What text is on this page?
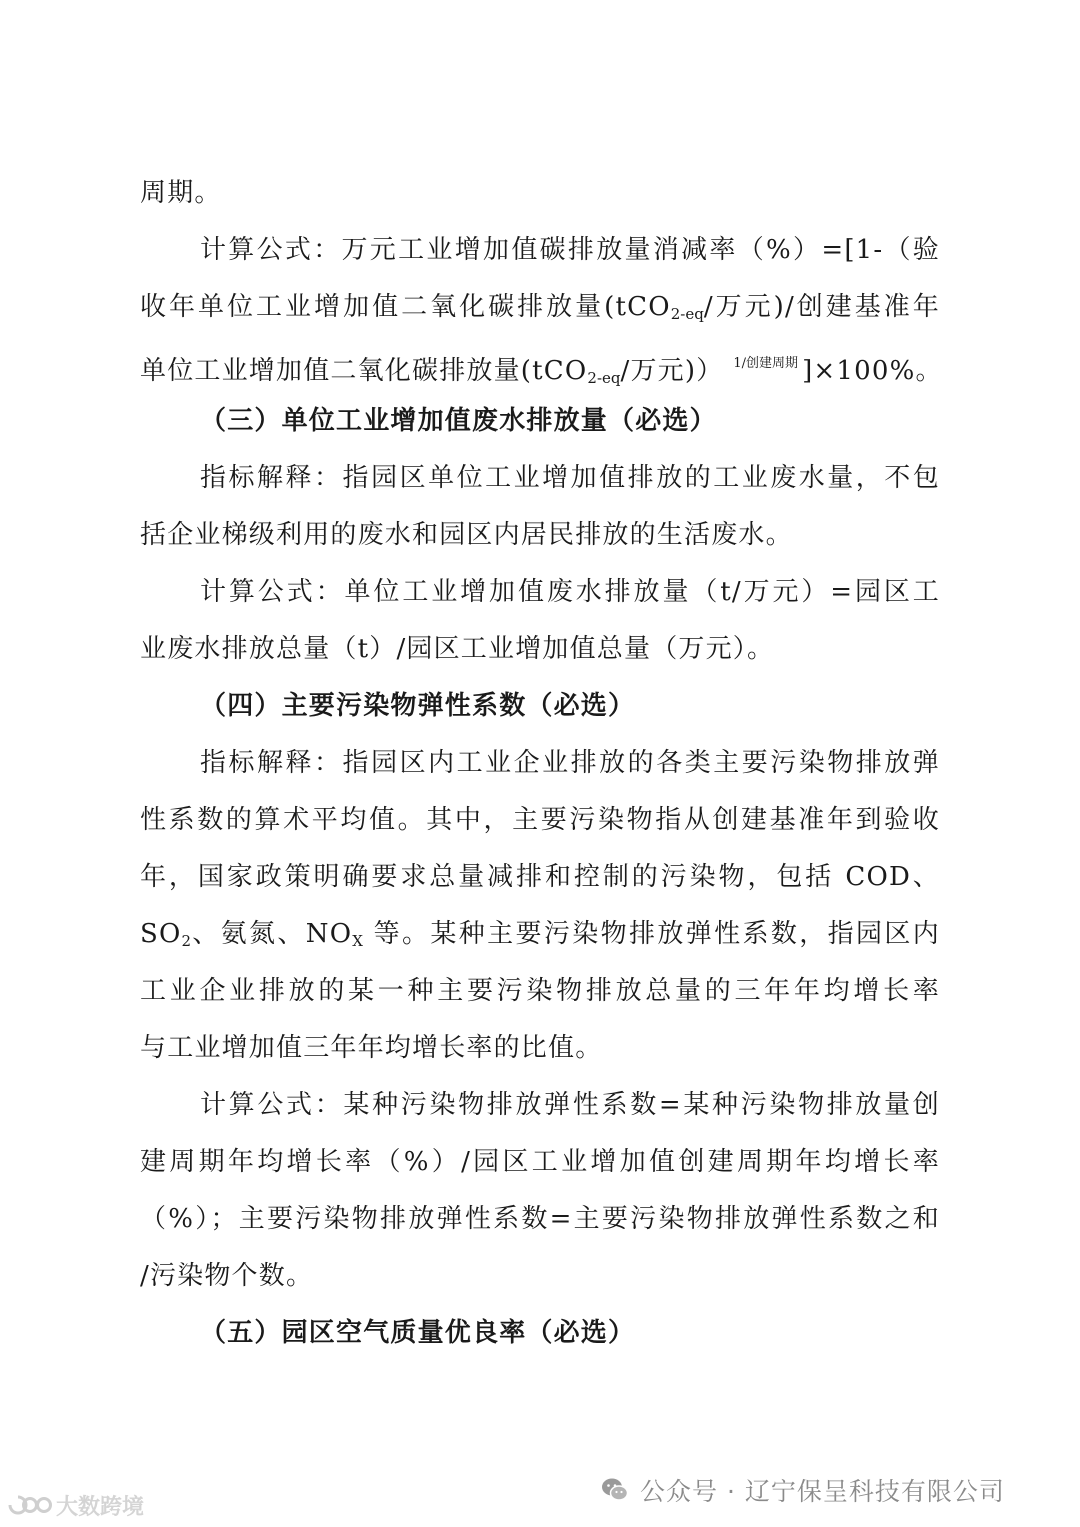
周期。
计算公式：万元工业增加值碳排放量消减率（%）=[1-（验
收年单位工业增加值二氧化碳排放量(tCO$_{2-eq}$/万元)/创建基准年
单位工业增加值二氧化碳排放量(tCO$_{2-eq}$/万元)） $^{1/创建周期}$ ]×100%。
（三）单位工业增加值废水排放量（必选）
指标解释：指园区单位工业增加值排放的工业废水量，不包
括企业梯级利用的废水和园区内居民排放的生活废水。
计算公式：单位工业增加值废水排放量（t/万元）=园区工
业废水排放总量（t）/园区工业增加值总量（万元）。
（四）主要污染物弹性系数（必选）
指标解释：指园区内工业企业排放的各类主要污染物排放弹
性系数的算术平均值。其中，主要污染物指从创建基准年到验收
年，国家政策明确要求总量减排和控制的污染物，包括 COD、
$SO_2$、氨氮、$NO_X$ 等。某种主要污染物排放弹性系数，指园区内
工业企业排放的某一种主要污染物排放总量的三年年均增长率
与工业增加值三年年均增长率的比值。
计算公式：某种污染物排放弹性系数=某种污染物排放量创
建周期年均增长率（%）/园区工业增加值创建周期年均增长率
（%）；主要污染物排放弹性系数=主要污染物排放弹性系数之和
/污染物个数。
（五）园区空气质量优良率（必选）
公众号 · 辽宁保呈科技有限公司
大数跨境
